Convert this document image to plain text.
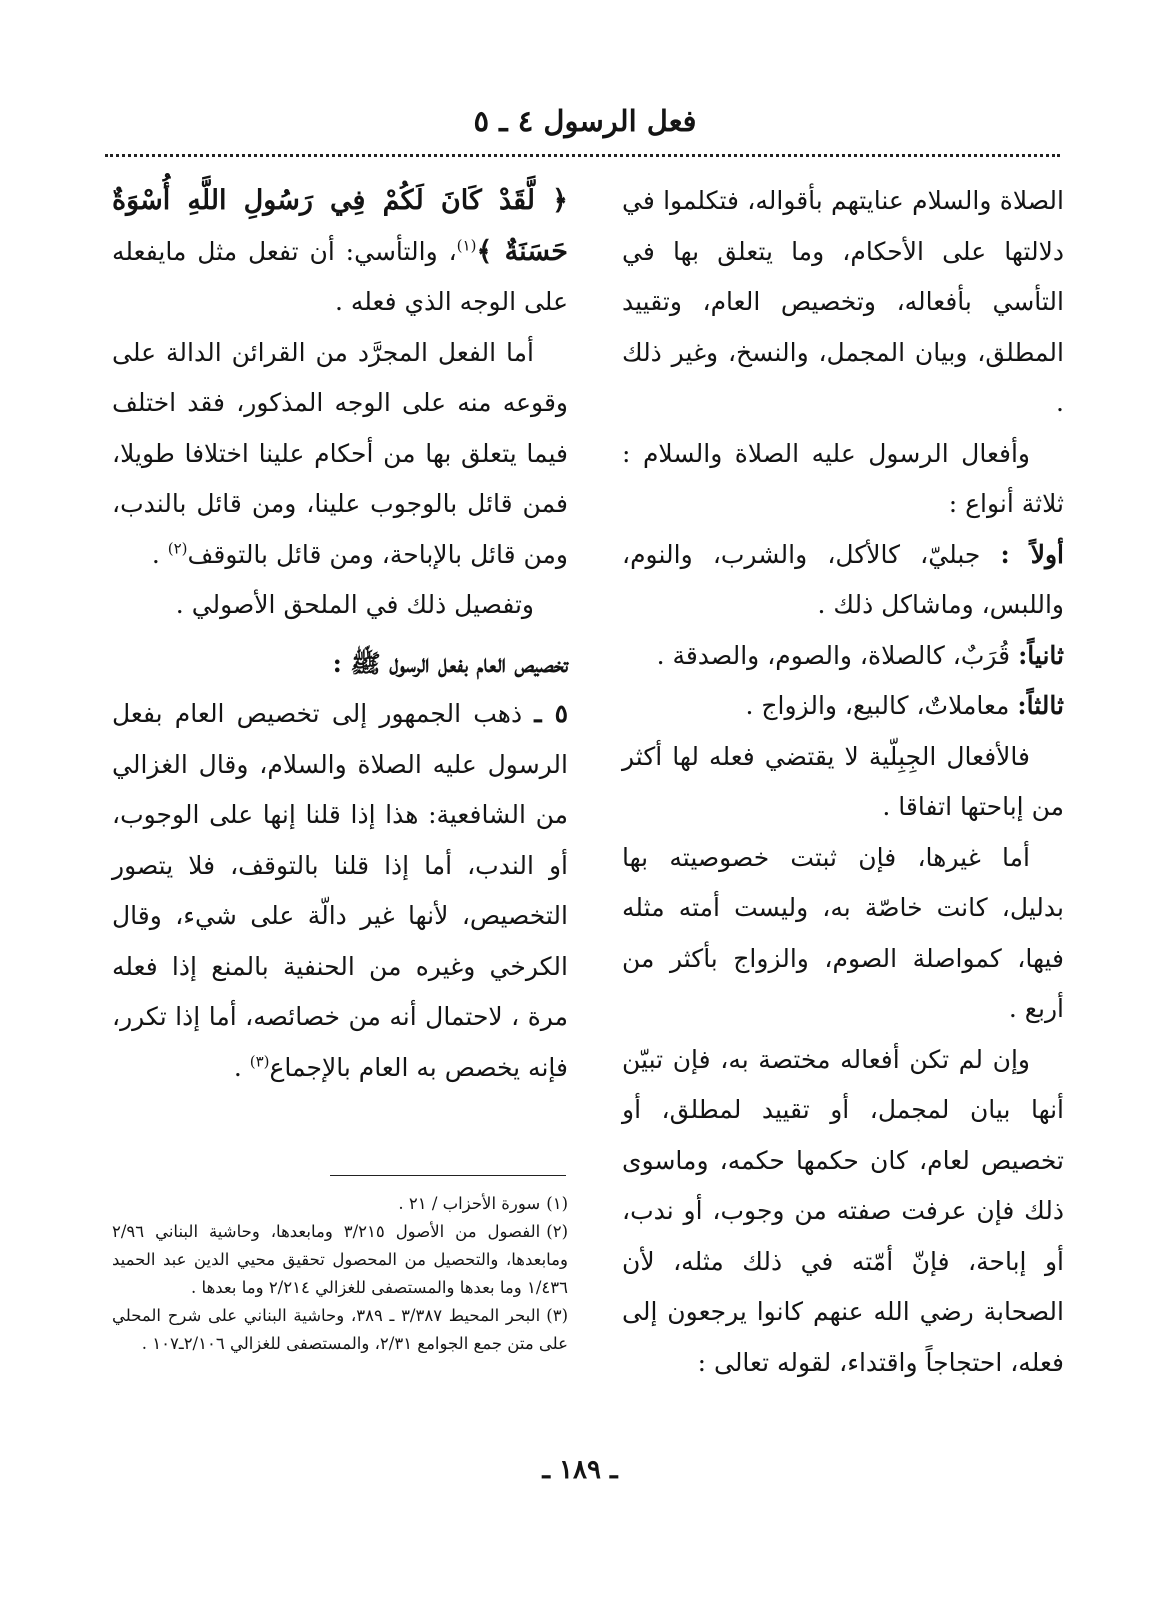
فعل الرسول ٤ ـ ٥

الصلاة والسلام عنايتهم بأقواله، فتكلموا في دلالتها على الأحكام، وما يتعلق بها في التأسي بأفعاله، وتخصيص العام، وتقييد المطلق، وبيان المجمل، والنسخ، وغير ذلك .

وأفعال الرسول عليه الصلاة والسلام : ثلاثة أنواع :

أولاً : جبليّ، كالأكل، والشرب، والنوم، واللبس، وماشاكل ذلك .

ثانياً: قُرَبٌ، كالصلاة، والصوم، والصدقة .

ثالثاً: معاملاتٌ، كالبيع، والزواج .

فالأفعال الجِبِلّية لا يقتضي فعله لها أكثر من إباحتها اتفاقا .

أما غيرها، فإن ثبتت خصوصيته بها بدليل، كانت خاصّة به، وليست أمته مثله فيها، كمواصلة الصوم، والزواج بأكثر من أربع .

وإن لم تكن أفعاله مختصة به، فإن تبيّن أنها بيان لمجمل، أو تقييد لمطلق، أو تخصيص لعام، كان حكمها حكمه، وماسوى ذلك فإن عرفت صفته من وجوب، أو ندب، أو إباحة، فإنّ أمّته في ذلك مثله، لأن الصحابة رضي الله عنهم كانوا يرجعون إلى فعله، احتجاجاً واقتداء، لقوله تعالى :

﴿ لَّقَدْ كَانَ لَكُمْ فِي رَسُولِ اللَّهِ أُسْوَةٌ حَسَنَةٌ ﴾$^{(١)}$، والتأسي: أن تفعل مثل مايفعله على الوجه الذي فعله .

أما الفعل المجرَّد من القرائن الدالة على وقوعه منه على الوجه المذكور، فقد اختلف فيما يتعلق بها من أحكام علينا اختلافا طويلا، فمن قائل بالوجوب علينا، ومن قائل بالندب، ومن قائل بالإباحة، ومن قائل بالتوقف$^{(٢)}$ .

وتفصيل ذلك في الملحق الأصولي .

تخصيص العام بفعل الرسول ﷺ :

٥ ـ ذهب الجمهور إلى تخصيص العام بفعل الرسول عليه الصلاة والسلام، وقال الغزالي من الشافعية: هذا إذا قلنا إنها على الوجوب، أو الندب، أما إذا قلنا بالتوقف، فلا يتصور التخصيص، لأنها غير دالّة على شيء، وقال الكرخي وغيره من الحنفية بالمنع إذا فعله مرة ، لاحتمال أنه من خصائصه، أما إذا تكرر، فإنه يخصص به العام بالإجماع$^{(٣)}$ .

(١)سورة الأحزاب / ٢١ .

(٢)الفصول من الأصول ٣/٢١٥ ومابعدها، وحاشية البناني ٢/٩٦ ومابعدها، والتحصيل من المحصول تحقيق محيي الدين عبد الحميد ١/٤٣٦ وما بعدها والمستصفى للغزالي ٢/٢١٤ وما بعدها .

(٣)البحر المحيط ٣/٣٨٧ ـ ٣٨٩، وحاشية البناني على شرح المحلي على متن جمع الجوامع ٢/٣١، والمستصفى للغزالي ٢/١٠٦ـ١٠٧ .

ـ ١٨٩ ـ
